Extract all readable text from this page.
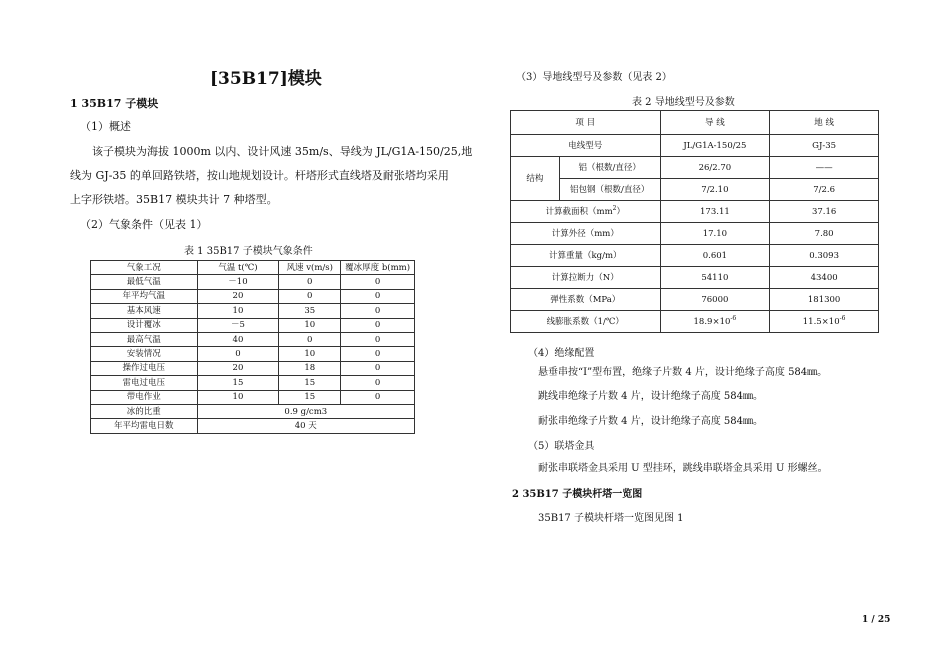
[35B17]模块
1 35B17 子模块
（1）概述
该子模块为海拔 1000m 以内、设计风速 35m/s、导线为 JL/G1A-150/25,地
线为 GJ-35 的单回路铁塔，按山地规划设计。杆塔形式直线塔及耐张塔均采用
上字形铁塔。35B17 模块共计 7 种塔型。
（2）气象条件（见表 1）
表 1 35B17 子模块气象条件
气象工况	气温 t(℃)	风速 v(m/s)	覆冰厚度 b(mm)
最低气温	－10	0	0
年平均气温	20	0	0
基本风速	10	35	0
设计覆冰	－5	10	0
最高气温	40	0	0
安装情况	0	10	0
操作过电压	20	18	0
雷电过电压	15	15	0
带电作业	10	15	0
冰的比重	0.9 g/cm3		
年平均雷电日数	40 天		
（3）导地线型号及参数（见表 2）
表 2 导地线型号及参数
项 目		导 线	地 线
电线型号		JL/G1A-150/25	GJ-35
结构	铝（根数/直径）	26/2.70	——
	铝包钢（根数/直径）	7/2.10	7/2.6
计算截面积$(mm^2)$		173.11	37.16
计算外径（mm）		17.10	7.80
计算重量（kg/m）		0.601	0.3093
计算拉断力（N）		54110	43400
弹性系数（MPa）		76000	181300
线膨胀系数（1/℃）		$18.9\times 10^{-6}$	$11.5\times 10^{-6}$
（4）绝缘配置
悬垂串按“I”型布置，绝缘子片数 4 片，设计绝缘子高度 584㎜。
跳线串绝缘子片数 4 片，设计绝缘子高度 584㎜。
耐张串绝缘子片数 4 片，设计绝缘子高度 584㎜。
（5）联塔金具
耐张串联塔金具采用 U 型挂环，跳线串联塔金具采用 U 形螺丝。
2 35B17 子模块杆塔一览图
35B17 子模块杆塔一览图见图 1
1 / 25
